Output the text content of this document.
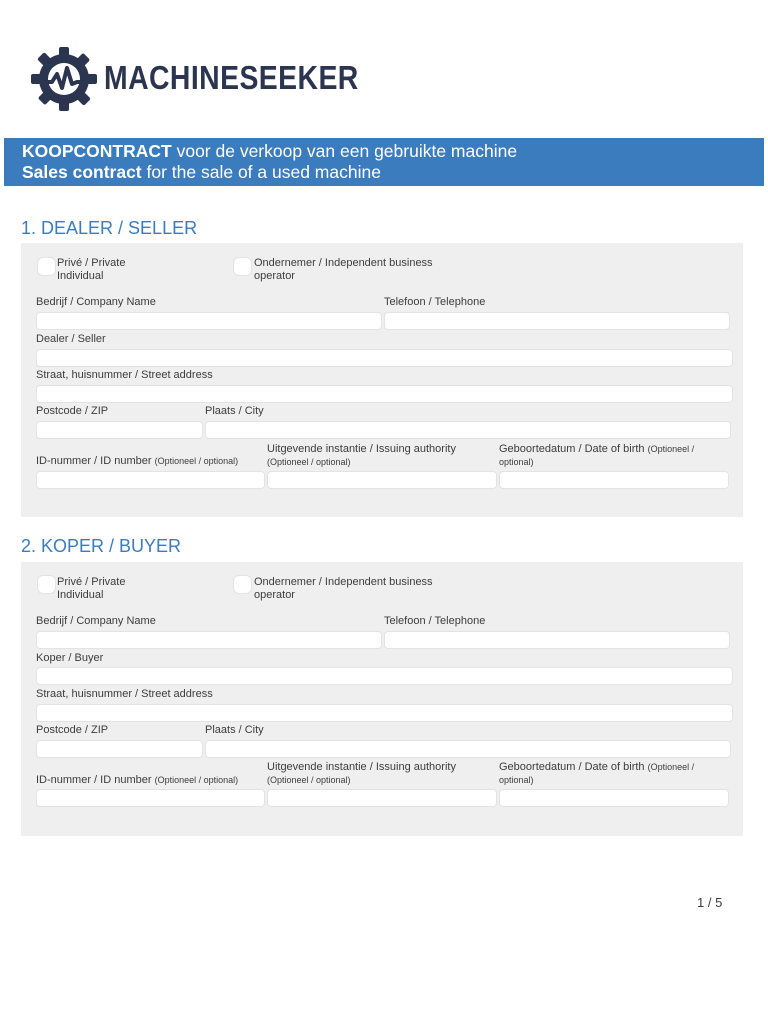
MACHINESEEKER
KOOPCONTRACT voor de verkoop van een gebruikte machine
Sales contract for the sale of a used machine
1. DEALER / SELLER
Privé / Private Individual
Ondernemer / Independent business operator
Bedrijf / Company Name	Telefoon / Telephone
Dealer / Seller
Straat, huisnummer / Street address
Postcode / ZIP	Plaats / City
ID-nummer / ID number (Optioneel / optional)
Uitgevende instantie / Issuing authority (Optioneel / optional)
Geboortedatum / Date of birth (Optioneel / optional)
2. KOPER / BUYER
Privé / Private Individual
Ondernemer / Independent business operator
Bedrijf / Company Name	Telefoon / Telephone
Koper / Buyer
Straat, huisnummer / Street address
Postcode / ZIP	Plaats / City
ID-nummer / ID number (Optioneel / optional)
Uitgevende instantie / Issuing authority (Optioneel / optional)
Geboortedatum / Date of birth (Optioneel / optional)
1 / 5
